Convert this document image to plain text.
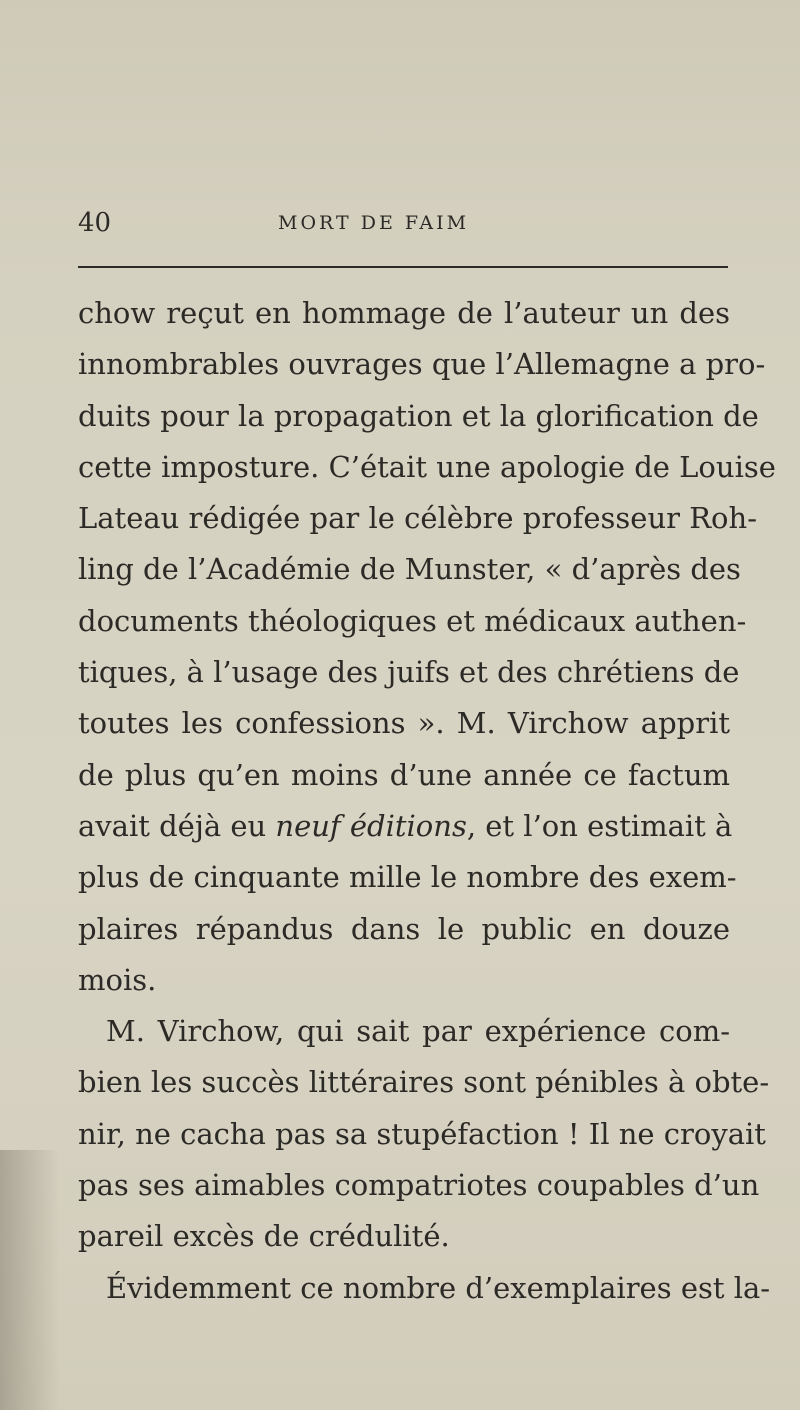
40	MORT DE FAIM
chow reçut en hommage de l’auteur un des
innombrables ouvrages que l’Allemagne a pro-
duits pour la propagation et la glorification de
cette imposture. C’était une apologie de Louise
Lateau rédigée par le célèbre professeur Roh-
ling de l’Académie de Munster, « d’après des
documents théologiques et médicaux authen-
tiques, à l’usage des juifs et des chrétiens de
toutes les confessions ». M. Virchow apprit
de plus qu’en moins d’une année ce factum
avait déjà eu neuf éditions, et l’on estimait à
plus de cinquante mille le nombre des exem-
plaires répandus dans le public en douze
mois.
M. Virchow, qui sait par expérience com-
bien les succès littéraires sont pénibles à obte-
nir, ne cacha pas sa stupéfaction ! Il ne croyait
pas ses aimables compatriotes coupables d’un
pareil excès de crédulité.
Évidemment ce nombre d’exemplaires est la-
